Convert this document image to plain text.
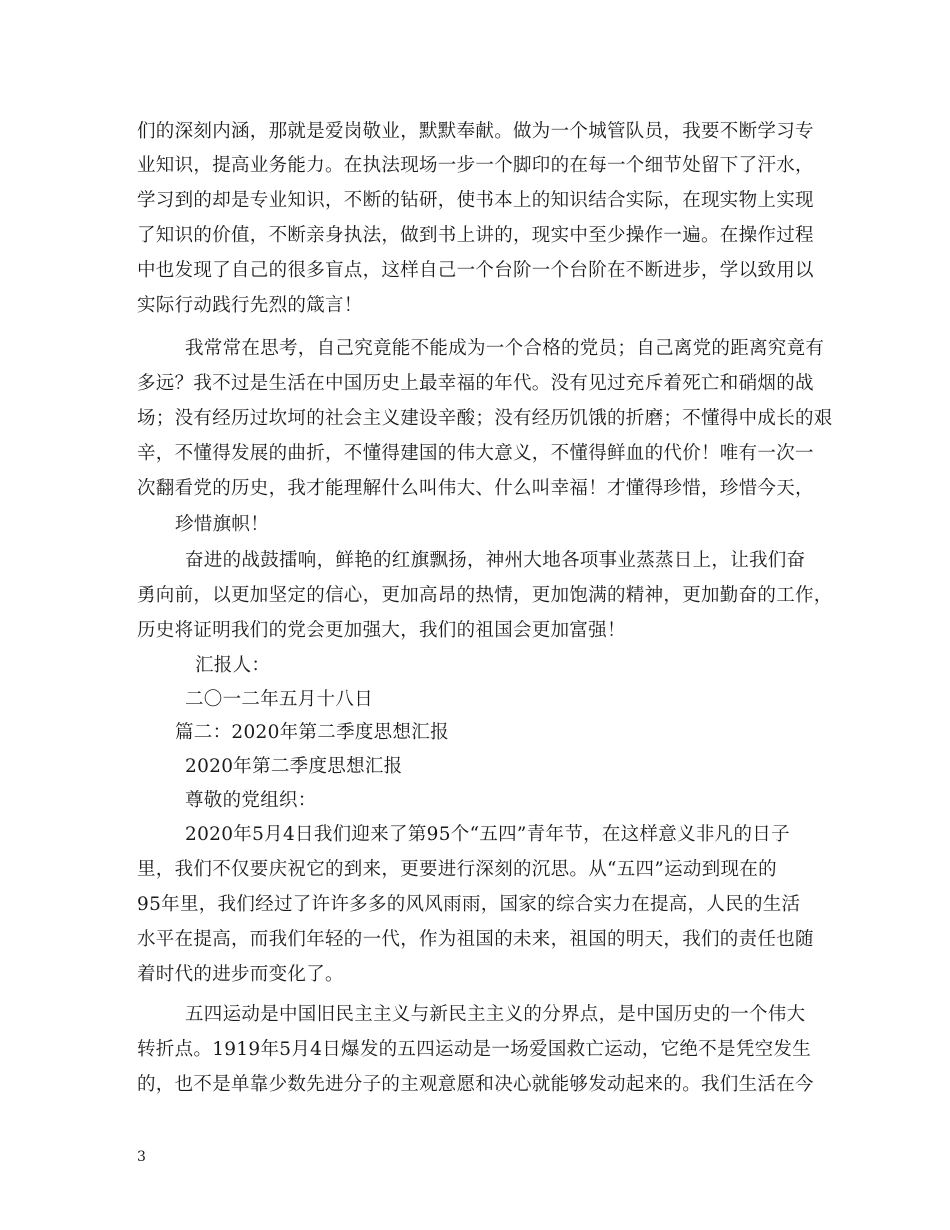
们的深刻内涵，那就是爱岗敬业，默默奉献。做为一个城管队员，我要不断学习专
业知识，提高业务能力。在执法现场一步一个脚印的在每一个细节处留下了汗水，
学习到的却是专业知识，不断的钻研，使书本上的知识结合实际，在现实物上实现
了知识的价值，不断亲身执法，做到书上讲的，现实中至少操作一遍。在操作过程
中也发现了自己的很多盲点，这样自己一个台阶一个台阶在不断进步，学以致用以
实际行动践行先烈的箴言！
我常常在思考，自己究竟能不能成为一个合格的党员；自己离党的距离究竟有
多远？我不过是生活在中国历史上最幸福的年代。没有见过充斥着死亡和硝烟的战
场；没有经历过坎坷的社会主义建设辛酸；没有经历饥饿的折磨；不懂得中成长的艰
辛，不懂得发展的曲折，不懂得建国的伟大意义，不懂得鲜血的代价！唯有一次一
次翻看党的历史，我才能理解什么叫伟大、什么叫幸福！才懂得珍惜，珍惜今天，
珍惜旗帜！
奋进的战鼓擂响，鲜艳的红旗飘扬，神州大地各项事业蒸蒸日上，让我们奋
勇向前，以更加坚定的信心，更加高昂的热情，更加饱满的精神，更加勤奋的工作，
历史将证明我们的党会更加强大，我们的祖国会更加富强！
汇报人：
二〇一二年五月十八日
篇二：2020年第二季度思想汇报
2020年第二季度思想汇报
尊敬的党组织：
2020年5月4日我们迎来了第95个“五四”青年节，在这样意义非凡的日子
里，我们不仅要庆祝它的到来，更要进行深刻的沉思。从“五四”运动到现在的
95年里，我们经过了许许多多的风风雨雨，国家的综合实力在提高，人民的生活
水平在提高，而我们年轻的一代，作为祖国的未来，祖国的明天，我们的责任也随
着时代的进步而变化了。
五四运动是中国旧民主主义与新民主主义的分界点，是中国历史的一个伟大
转折点。1919年5月4日爆发的五四运动是一场爱国救亡运动，它绝不是凭空发生
的，也不是单靠少数先进分子的主观意愿和决心就能够发动起来的。我们生活在今
3
